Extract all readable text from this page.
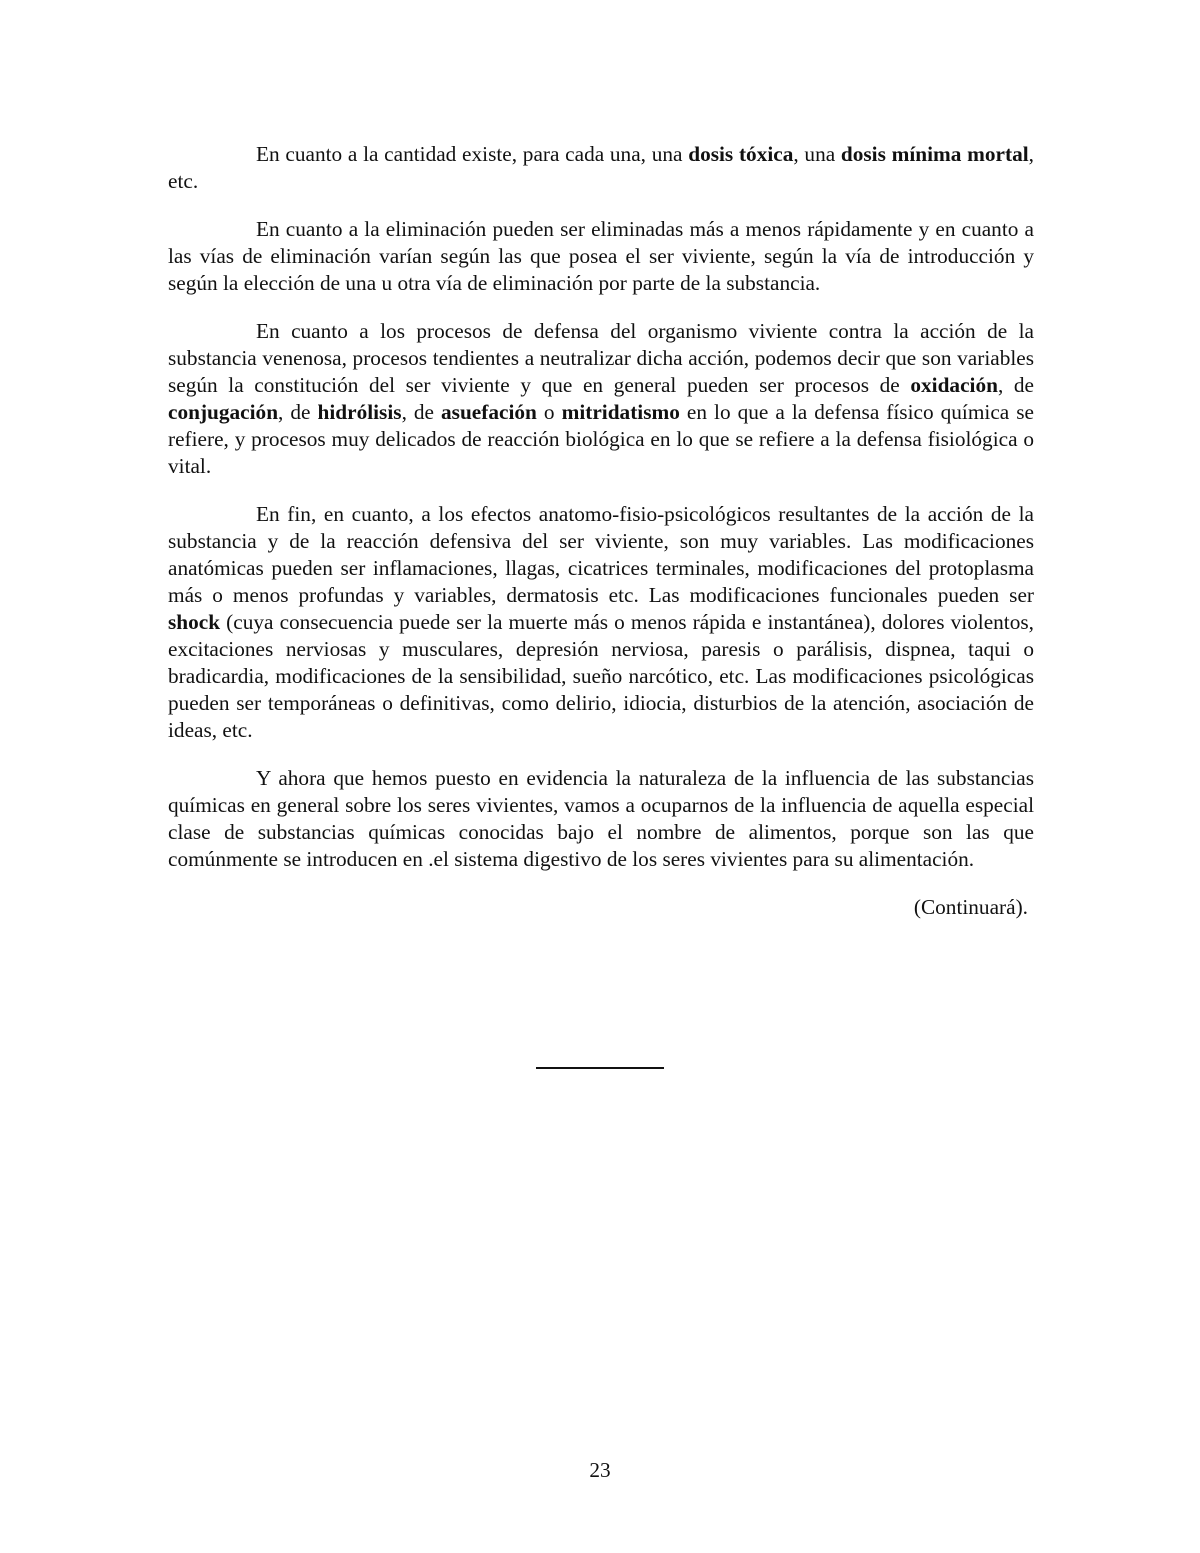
En cuanto a la cantidad existe, para cada una, una dosis tóxica, una dosis mínima mortal, etc.

En cuanto a la eliminación pueden ser eliminadas más a menos rápidamente y en cuanto a las vías de eliminación varían según las que posea el ser viviente, según la vía de introducción y según la elección de una u otra vía de eliminación por parte de la substancia.

En cuanto a los procesos de defensa del organismo viviente contra la acción de la substancia venenosa, procesos tendientes a neutralizar dicha acción, podemos decir que son variables según la constitución del ser viviente y que en general pueden ser procesos de oxidación, de conjugación, de hidrólisis, de asuefación o mitridatismo en lo que a la defensa físico química se refiere, y procesos muy delicados de reacción biológica en lo que se refiere a la defensa fisiológica o vital.

En fin, en cuanto, a los efectos anatomo-fisio-psicológicos resultantes de la acción de la substancia y de la reacción defensiva del ser viviente, son muy variables. Las modificaciones anatómicas pueden ser inflamaciones, llagas, cicatrices terminales, modificaciones del protoplasma más o menos profundas y variables, dermatosis etc. Las modificaciones funcionales pueden ser shock (cuya consecuencia puede ser la muerte más o menos rápida e instantánea), dolores violentos, excitaciones nerviosas y musculares, depresión nerviosa, paresis o parálisis, dispnea, taqui o bradicardia, modificaciones de la sensibilidad, sueño narcótico, etc. Las modificaciones psicológicas pueden ser temporáneas o definitivas, como delirio, idiocia, disturbios de la atención, asociación de ideas, etc.

Y ahora que hemos puesto en evidencia la naturaleza de la influencia de las substancias químicas en general sobre los seres vivientes, vamos a ocuparnos de la influencia de aquella especial clase de substancias químicas conocidas bajo el nombre de alimentos, porque son las que comúnmente se introducen en .el sistema digestivo de los seres vivientes para su alimentación.

(Continuará).

23
